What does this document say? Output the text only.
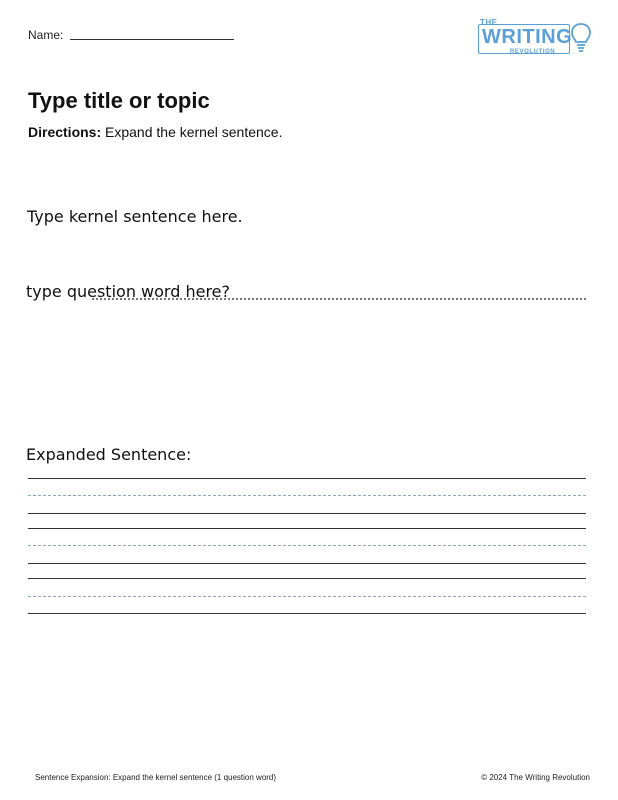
Name:
THE
WRITING
REVOLUTION
Type title or topic
Directions: Expand the kernel sentence.
Type kernel sentence here.
type question word here?
Expanded Sentence:
Sentence Expansion: Expand the kernel sentence (1 question word)	© 2024 The Writing Revolution
